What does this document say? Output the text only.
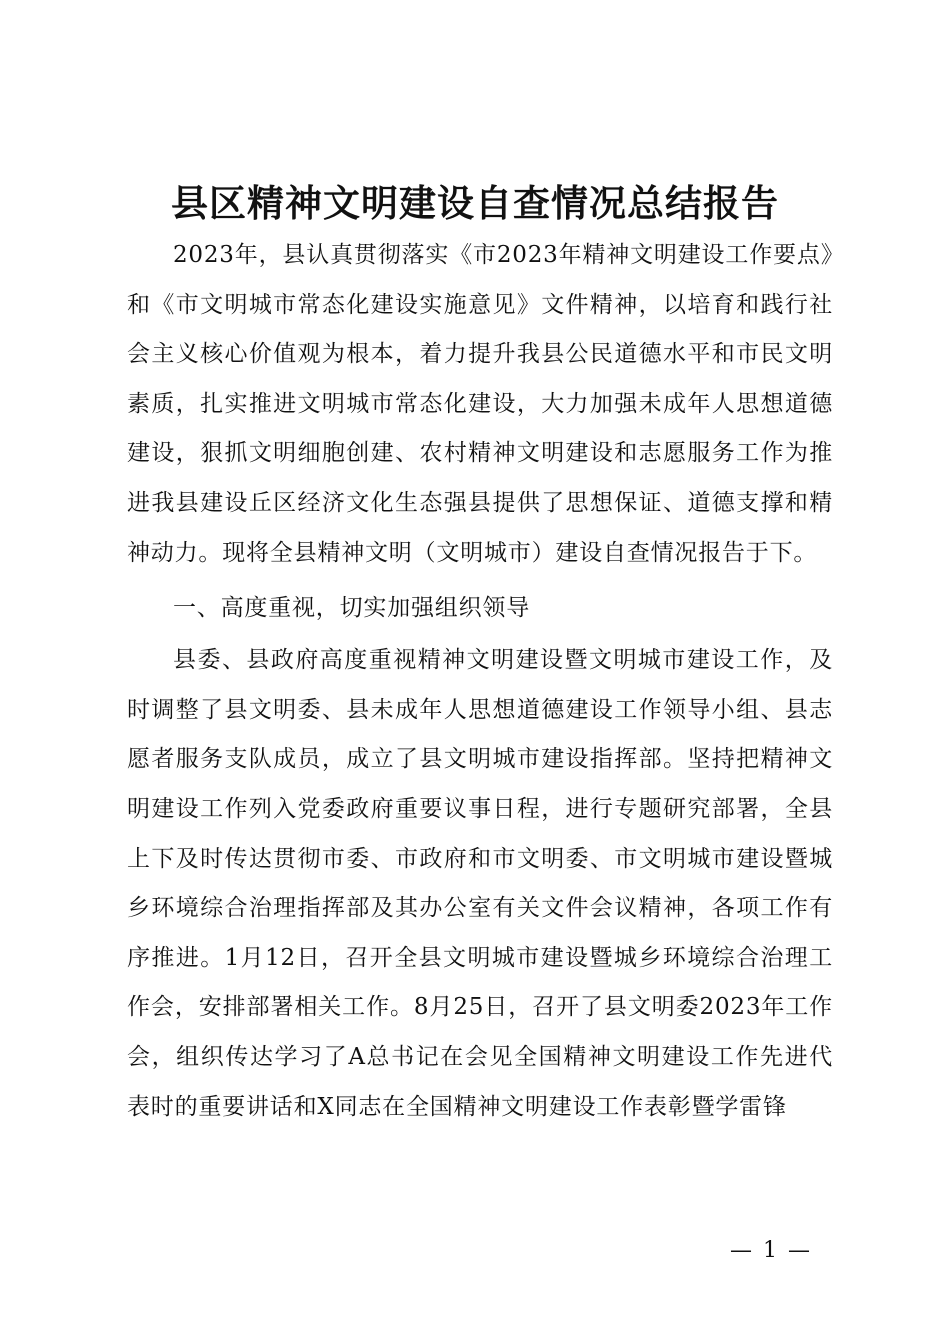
县区精神文明建设自查情况总结报告

2023年，县认真贯彻落实《市2023年精神文明建设工作要点》和《市文明城市常态化建设实施意见》文件精神，以培育和践行社会主义核心价值观为根本，着力提升我县公民道德水平和市民文明素质，扎实推进文明城市常态化建设，大力加强未成年人思想道德建设，狠抓文明细胞创建、农村精神文明建设和志愿服务工作为推进我县建设丘区经济文化生态强县提供了思想保证、道德支撑和精神动力。现将全县精神文明（文明城市）建设自查情况报告于下。

一、高度重视，切实加强组织领导

县委、县政府高度重视精神文明建设暨文明城市建设工作，及时调整了县文明委、县未成年人思想道德建设工作领导小组、县志愿者服务支队成员，成立了县文明城市建设指挥部。坚持把精神文明建设工作列入党委政府重要议事日程，进行专题研究部署，全县上下及时传达贯彻市委、市政府和市文明委、市文明城市建设暨城乡环境综合治理指挥部及其办公室有关文件会议精神，各项工作有序推进。1月12日，召开全县文明城市建设暨城乡环境综合治理工作会，安排部署相关工作。8月25日，召开了县文明委2023年工作会，组织传达学习了A总书记在会见全国精神文明建设工作先进代表时的重要讲话和X同志在全国精神文明建设工作表彰暨学雷锋

— 1 —
